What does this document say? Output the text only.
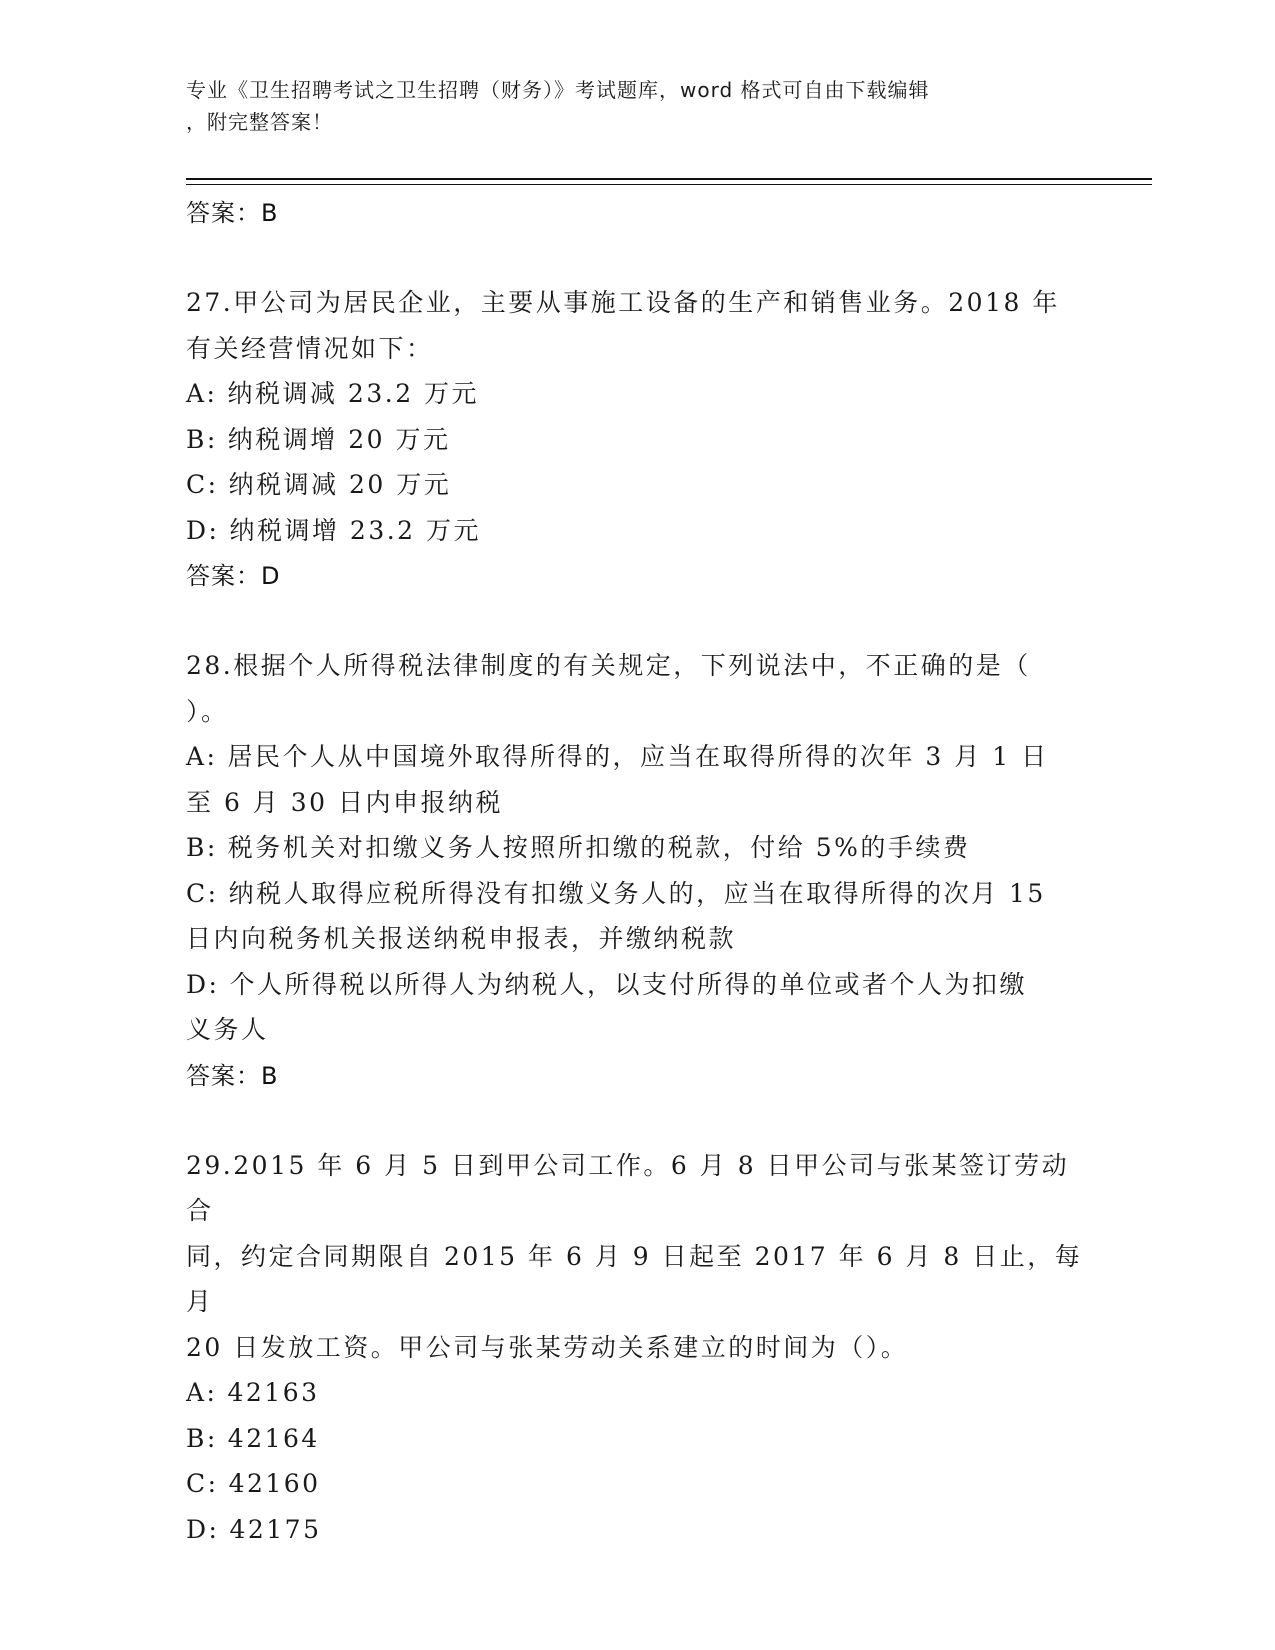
专业《卫生招聘考试之卫生招聘（财务）》考试题库，word 格式可自由下载编辑
，附完整答案！
答案：B
27.甲公司为居民企业，主要从事施工设备的生产和销售业务。2018 年
有关经营情况如下：
A: 纳税调减 23.2 万元
B: 纳税调增 20 万元
C: 纳税调减 20 万元
D: 纳税调增 23.2 万元
答案：D
28.根据个人所得税法律制度的有关规定，下列说法中，不正确的是（
）。
A: 居民个人从中国境外取得所得的，应当在取得所得的次年 3 月 1 日
至 6 月 30 日内申报纳税
B: 税务机关对扣缴义务人按照所扣缴的税款，付给 5%的手续费
C: 纳税人取得应税所得没有扣缴义务人的，应当在取得所得的次月 15
日内向税务机关报送纳税申报表，并缴纳税款
D: 个人所得税以所得人为纳税人，以支付所得的单位或者个人为扣缴
义务人
答案：B
29.2015 年 6 月 5 日到甲公司工作。6 月 8 日甲公司与张某签订劳动合
同，约定合同期限自 2015 年 6 月 9 日起至 2017 年 6 月 8 日止，每月
20 日发放工资。甲公司与张某劳动关系建立的时间为（）。
A: 42163
B: 42164
C: 42160
D: 42175
